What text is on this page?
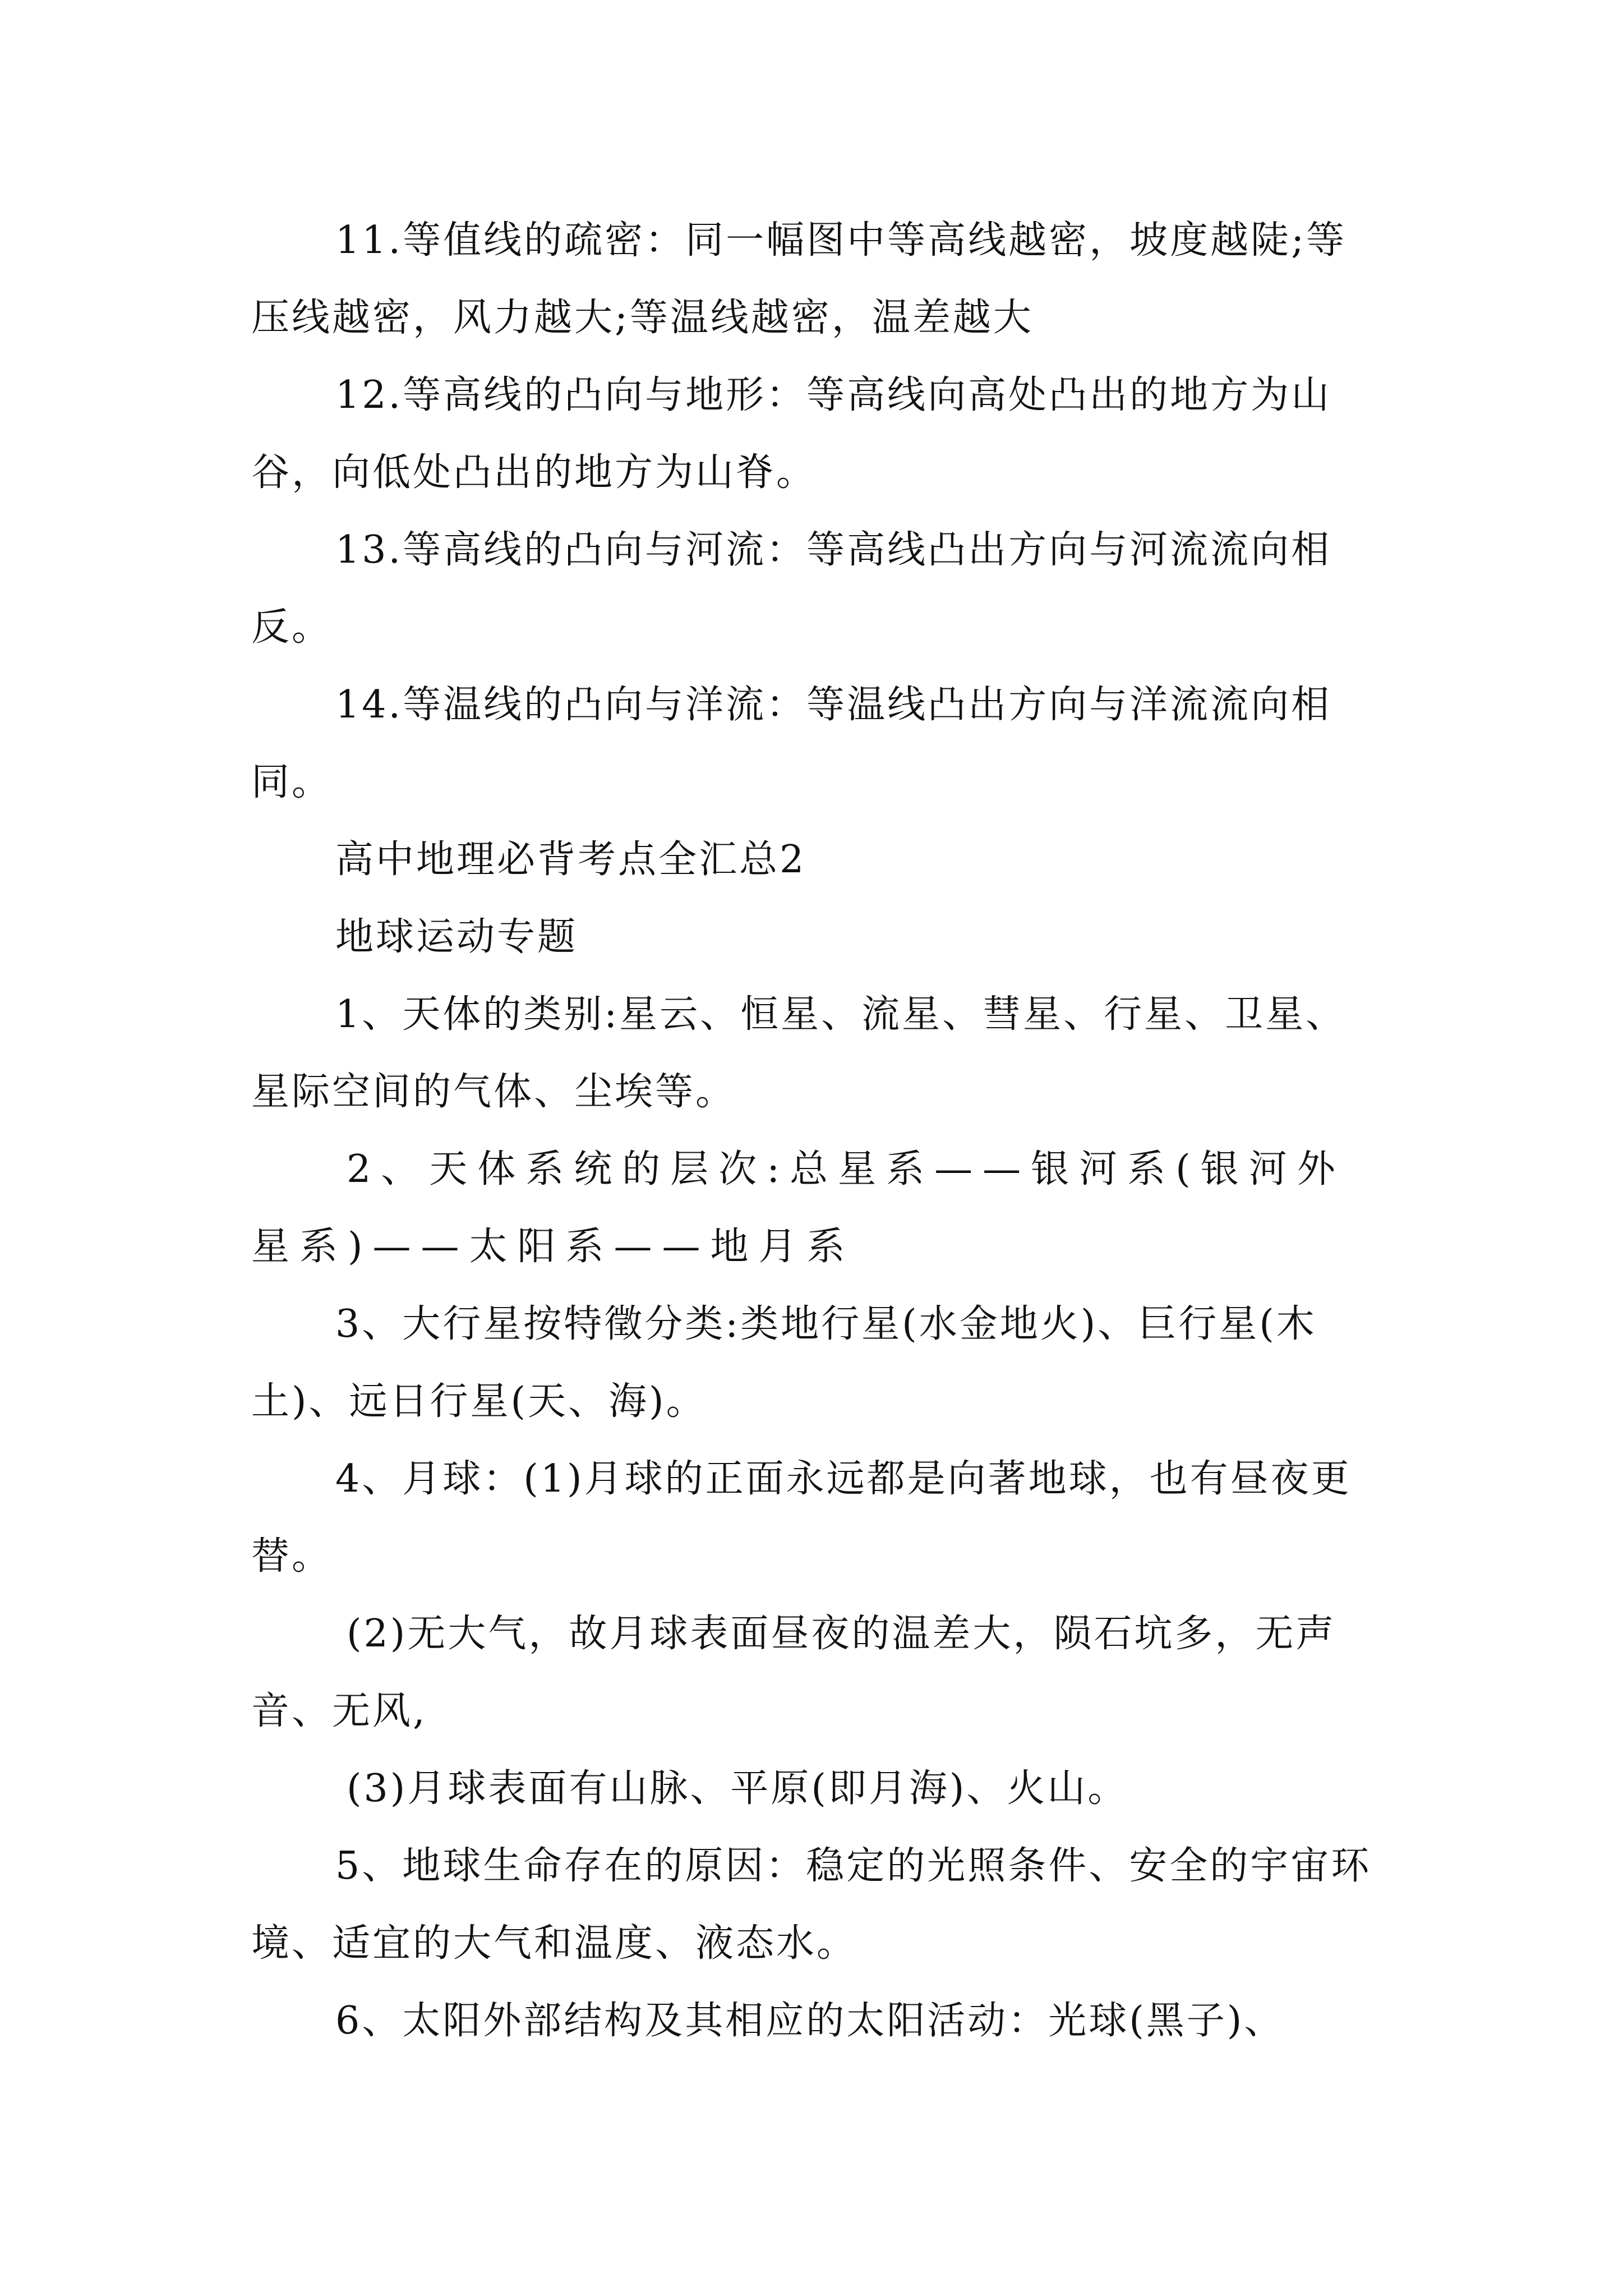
11.等值线的疏密：同一幅图中等高线越密，坡度越陡;等压线越密，风力越大;等温线越密，温差越大

12.等高线的凸向与地形：等高线向高处凸出的地方为山谷，向低处凸出的地方为山脊。

13.等高线的凸向与河流：等高线凸出方向与河流流向相反。

14.等温线的凸向与洋流：等温线凸出方向与洋流流向相同。

高中地理必背考点全汇总2

地球运动专题

1、天体的类别:星云、恒星、流星、彗星、行星、卫星、星际空间的气体、尘埃等。

2、天体系统的层次:总星系——银河系(银河外星系)——太阳系——地月系

3、大行星按特徵分类:类地行星(水金地火)、巨行星(木土)、远日行星(天、海)。

4、月球：(1)月球的正面永远都是向著地球，也有昼夜更替。

(2)无大气，故月球表面昼夜的温差大，陨石坑多，无声音、无风,

(3)月球表面有山脉、平原(即月海)、火山。

5、地球生命存在的原因：稳定的光照条件、安全的宇宙环境、适宜的大气和温度、液态水。

6、太阳外部结构及其相应的太阳活动：光球(黑子)、
